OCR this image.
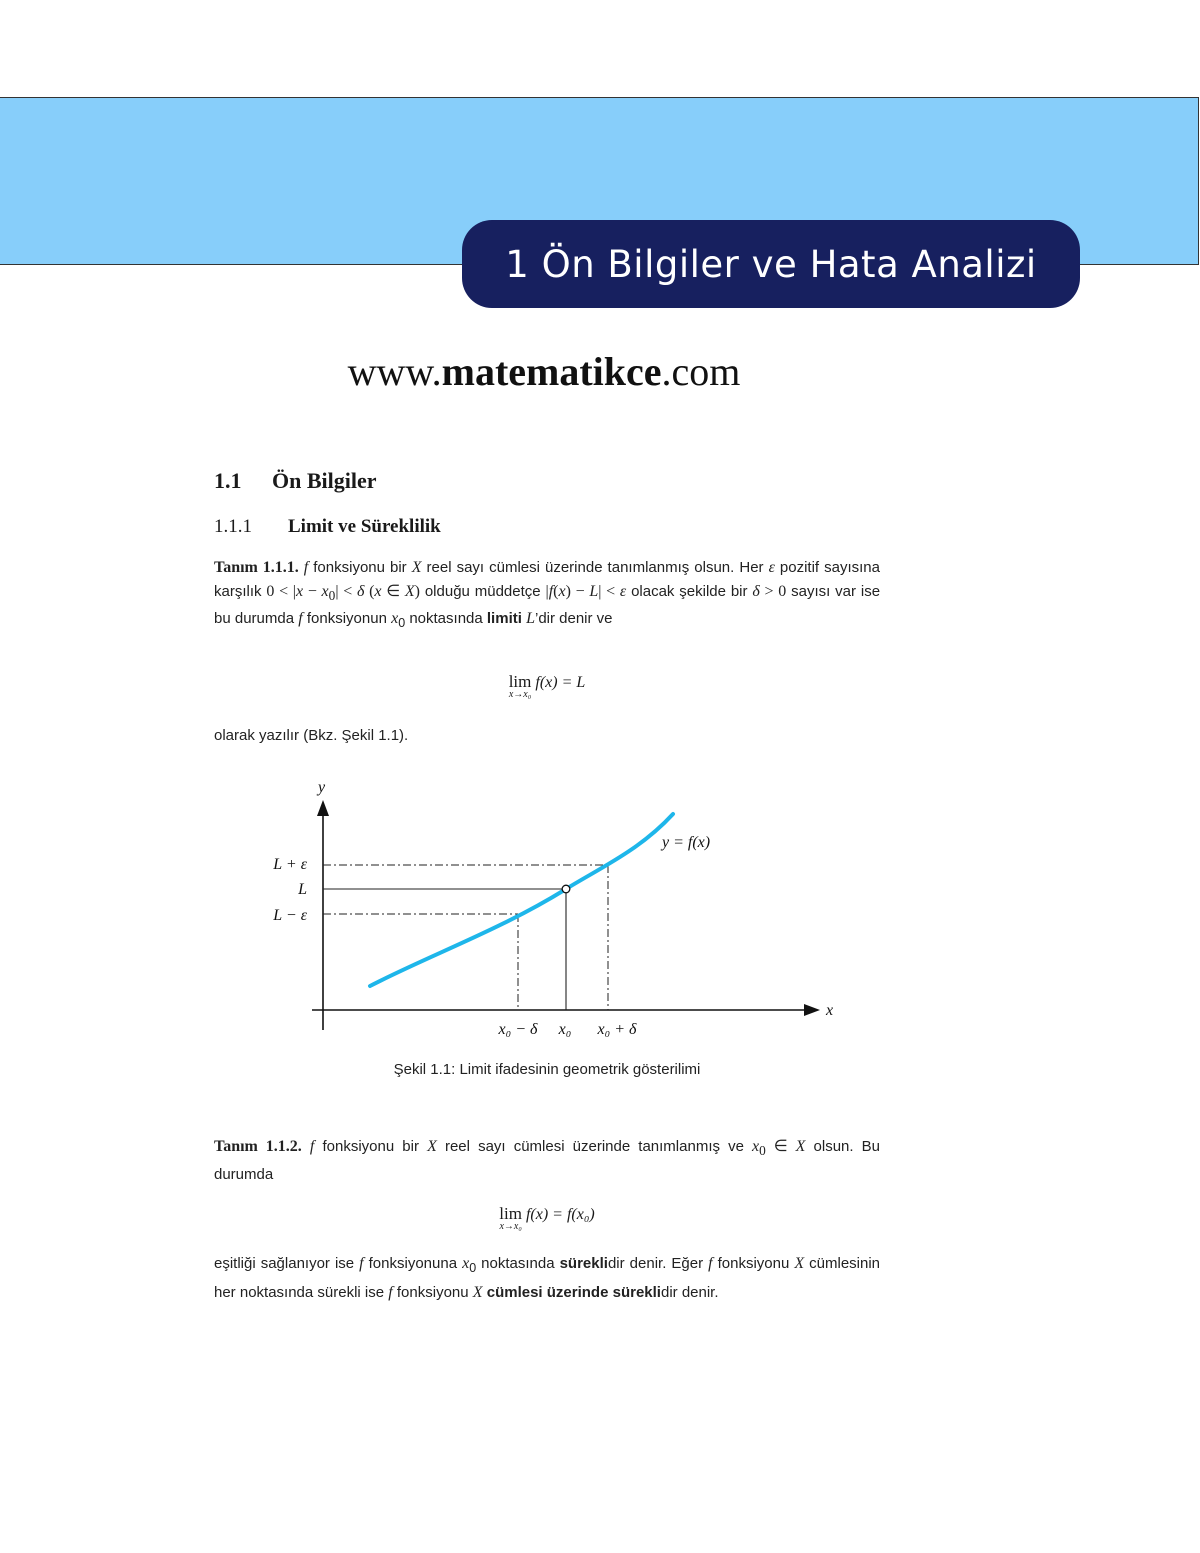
1 Ön Bilgiler ve Hata Analizi
www.matematikce.com
1.1 Ön Bilgiler
1.1.1 Limit ve Süreklilik
Tanım 1.1.1. f fonksiyonu bir X reel sayı cümlesi üzerinde tanımlanmış olsun. Her ε pozitif sayısına karşılık $0 < |x - x_0| < \delta$ (x ∈ X) olduğu müddetçe |f(x) − L| < ε olacak şekilde bir δ > 0 sayısı var ise bu durumda f fonksiyonun $x_0$ noktasında limiti L’dir denir ve
lim
x→x₀
f(x) = L
olarak yazılır (Bkz. Şekil 1.1).
y
x
y = f(x)
L + ε
L
L − ε
x₀ − δ x₀ x₀ + δ
Şekil 1.1: Limit ifadesinin geometrik gösterilimi
Tanım 1.1.2. f fonksiyonu bir X reel sayı cümlesi üzerinde tanımlanmış ve $x_0$ ∈ X olsun. Bu durumda
lim
x→x₀
f(x) = f(x₀)
eşitliği sağlanıyor ise f fonksiyonuna $x_0$ noktasında süreklidir denir. Eğer f fonksiyonu X cümlesinin her noktasında sürekli ise f fonksiyonu X cümlesi üzerinde süreklidir denir.
